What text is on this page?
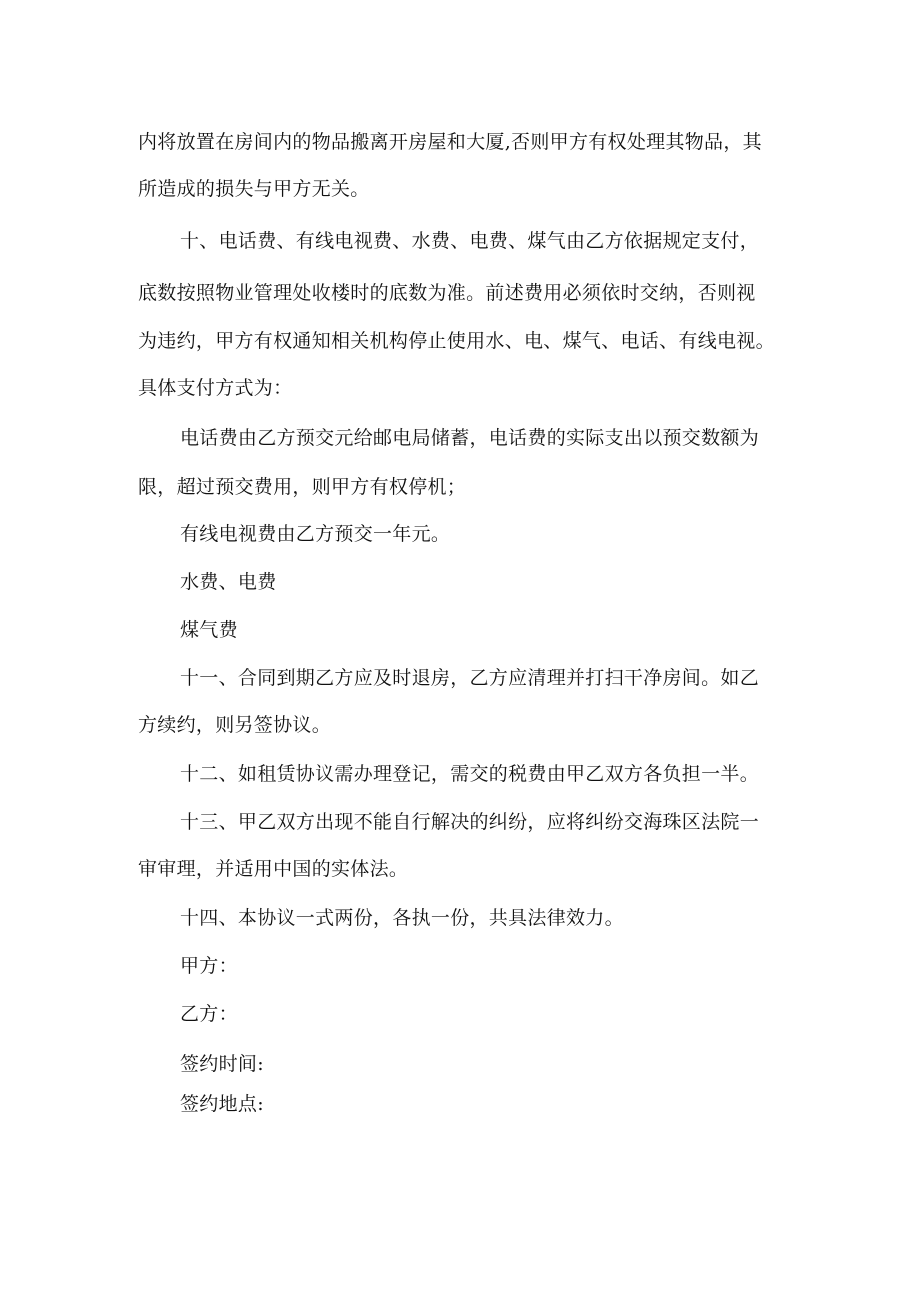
内将放置在房间内的物品搬离开房屋和大厦,否则甲方有权处理其物品，其
所造成的损失与甲方无关。
十、电话费、有线电视费、水费、电费、煤气由乙方依据规定支付，
底数按照物业管理处收楼时的底数为准。前述费用必须依时交纳，否则视
为违约，甲方有权通知相关机构停止使用水、电、煤气、电话、有线电视。
具体支付方式为：
电话费由乙方预交元给邮电局储蓄，电话费的实际支出以预交数额为
限，超过预交费用，则甲方有权停机；
有线电视费由乙方预交一年元。
水费、电费
煤气费
十一、合同到期乙方应及时退房，乙方应清理并打扫干净房间。如乙
方续约，则另签协议。
十二、如租赁协议需办理登记，需交的税费由甲乙双方各负担一半。
十三、甲乙双方出现不能自行解决的纠纷，应将纠纷交海珠区法院一
审审理，并适用中国的实体法。
十四、本协议一式两份，各执一份，共具法律效力。
甲方：
乙方：
签约时间:
签约地点:
